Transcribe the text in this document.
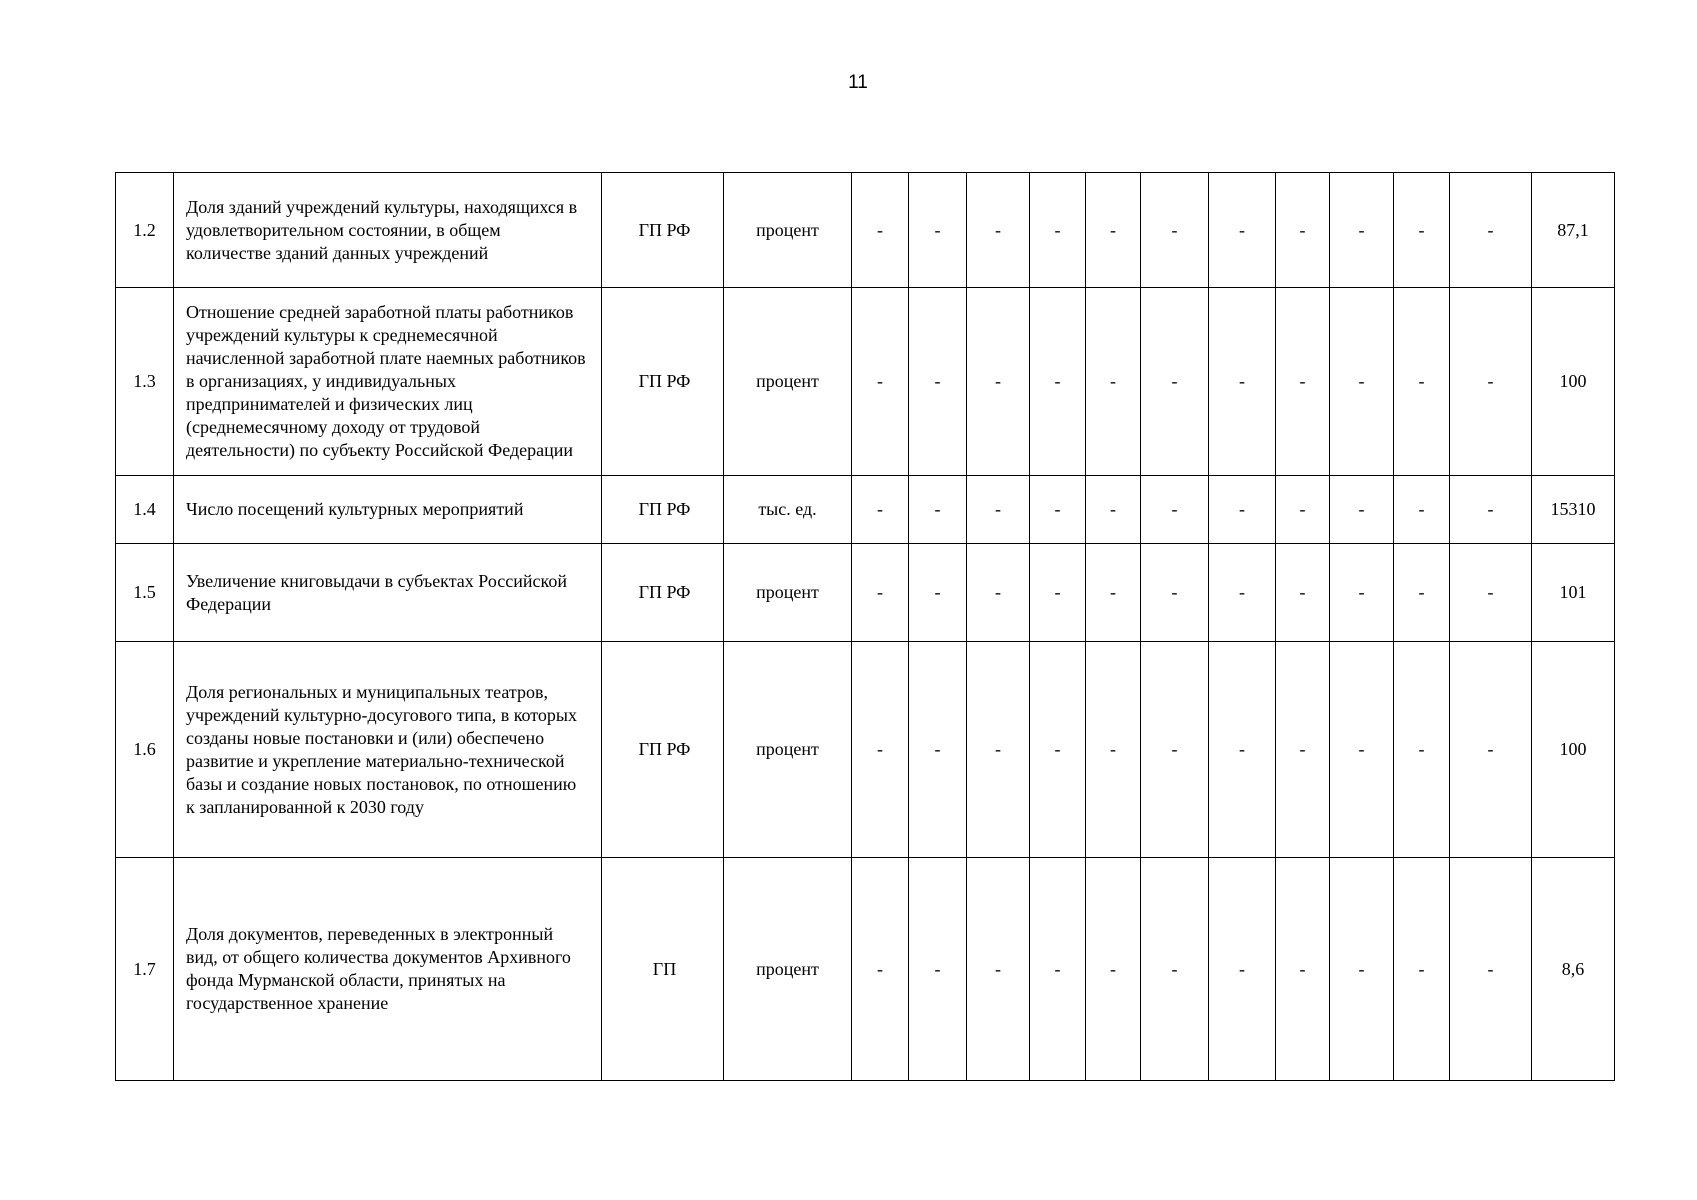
11
1.2	Доля зданий учреждений культуры, находящихся в удовлетворительном состоянии, в общем количестве зданий данных учреждений	ГП РФ	процент	-	-	-	-	-	-	-	-	-	-	-	87,1
1.3	Отношение средней заработной платы работников учреждений культуры к среднемесячной начисленной заработной плате наемных работников в организациях, у индивидуальных предпринимателей и физических лиц (среднемесячному доходу от трудовой деятельности) по субъекту Российской Федерации	ГП РФ	процент	-	-	-	-	-	-	-	-	-	-	-	100
1.4	Число посещений культурных мероприятий	ГП РФ	тыс. ед.	-	-	-	-	-	-	-	-	-	-	-	15310
1.5	Увеличение книговыдачи в субъектах Российской Федерации	ГП РФ	процент	-	-	-	-	-	-	-	-	-	-	-	101
1.6	Доля региональных и муниципальных театров, учреждений культурно-досугового типа, в которых созданы новые постановки и (или) обеспечено развитие и укрепление материально-технической базы и создание новых постановок, по отношению к запланированной к 2030 году	ГП РФ	процент	-	-	-	-	-	-	-	-	-	-	-	100
1.7	Доля документов, переведенных в электронный вид, от общего количества документов Архивного фонда Мурманской области, принятых на государственное хранение	ГП	процент	-	-	-	-	-	-	-	-	-	-	-	8,6
